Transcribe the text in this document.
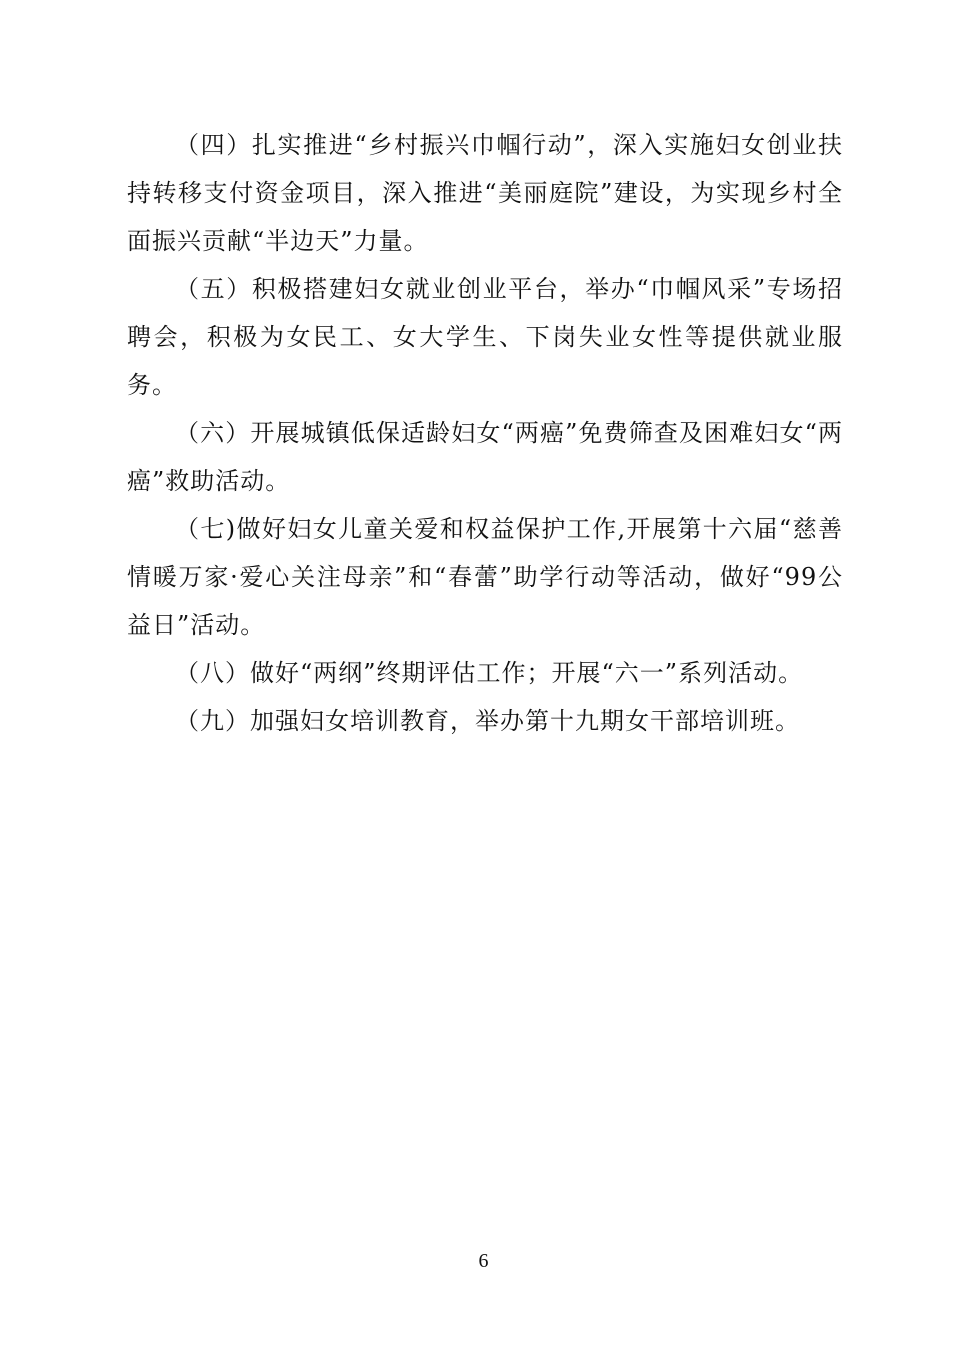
（四）扎实推进“乡村振兴巾帼行动”，深入实施妇女创业扶持转移支付资金项目，深入推进“美丽庭院”建设，为实现乡村全面振兴贡献“半边天”力量。

（五）积极搭建妇女就业创业平台，举办“巾帼风采”专场招聘会，积极为女民工、女大学生、下岗失业女性等提供就业服务。

（六）开展城镇低保适龄妇女“两癌”免费筛查及困难妇女“两癌”救助活动。

（七)做好妇女儿童关爱和权益保护工作,开展第十六届“慈善情暖万家·爱心关注母亲”和“春蕾”助学行动等活动，做好“99公益日”活动。

（八）做好“两纲”终期评估工作；开展“六一”系列活动。

（九）加强妇女培训教育，举办第十九期女干部培训班。

6
